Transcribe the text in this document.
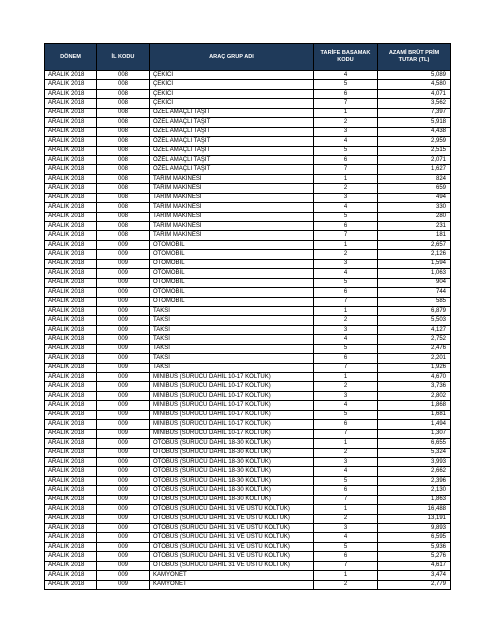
DÖNEM	İL KODU	ARAÇ GRUP ADI	TARİFE BASAMAK KODU	AZAMİ BRÜT PRİM TUTAR (TL)
ARALIK 2018	008	ÇEKİCİ	4	5,089
ARALIK 2018	008	ÇEKİCİ	5	4,580
ARALIK 2018	008	ÇEKİCİ	6	4,071
ARALIK 2018	008	ÇEKİCİ	7	3,562
ARALIK 2018	008	ÖZEL AMAÇLI TAŞIT	1	7,397
ARALIK 2018	008	ÖZEL AMAÇLI TAŞIT	2	5,918
ARALIK 2018	008	ÖZEL AMAÇLI TAŞIT	3	4,438
ARALIK 2018	008	ÖZEL AMAÇLI TAŞIT	4	2,959
ARALIK 2018	008	ÖZEL AMAÇLI TAŞIT	5	2,515
ARALIK 2018	008	ÖZEL AMAÇLI TAŞIT	6	2,071
ARALIK 2018	008	ÖZEL AMAÇLI TAŞIT	7	1,627
ARALIK 2018	008	TARIM MAKİNESİ	1	824
ARALIK 2018	008	TARIM MAKİNESİ	2	659
ARALIK 2018	008	TARIM MAKİNESİ	3	494
ARALIK 2018	008	TARIM MAKİNESİ	4	330
ARALIK 2018	008	TARIM MAKİNESİ	5	280
ARALIK 2018	008	TARIM MAKİNESİ	6	231
ARALIK 2018	008	TARIM MAKİNESİ	7	181
ARALIK 2018	009	OTOMOBİL	1	2,657
ARALIK 2018	009	OTOMOBİL	2	2,126
ARALIK 2018	009	OTOMOBİL	3	1,594
ARALIK 2018	009	OTOMOBİL	4	1,063
ARALIK 2018	009	OTOMOBİL	5	904
ARALIK 2018	009	OTOMOBİL	6	744
ARALIK 2018	009	OTOMOBİL	7	585
ARALIK 2018	009	TAKSİ	1	6,879
ARALIK 2018	009	TAKSİ	2	5,503
ARALIK 2018	009	TAKSİ	3	4,127
ARALIK 2018	009	TAKSİ	4	2,752
ARALIK 2018	009	TAKSİ	5	2,476
ARALIK 2018	009	TAKSİ	6	2,201
ARALIK 2018	009	TAKSİ	7	1,926
ARALIK 2018	009	MİNİBÜS (SÜRÜCÜ DAHİL 10-17 KOLTUK)	1	4,670
ARALIK 2018	009	MİNİBÜS (SÜRÜCÜ DAHİL 10-17 KOLTUK)	2	3,736
ARALIK 2018	009	MİNİBÜS (SÜRÜCÜ DAHİL 10-17 KOLTUK)	3	2,802
ARALIK 2018	009	MİNİBÜS (SÜRÜCÜ DAHİL 10-17 KOLTUK)	4	1,868
ARALIK 2018	009	MİNİBÜS (SÜRÜCÜ DAHİL 10-17 KOLTUK)	5	1,681
ARALIK 2018	009	MİNİBÜS (SÜRÜCÜ DAHİL 10-17 KOLTUK)	6	1,494
ARALIK 2018	009	MİNİBÜS (SÜRÜCÜ DAHİL 10-17 KOLTUK)	7	1,307
ARALIK 2018	009	OTOBÜS (SÜRÜCÜ DAHİL 18-30 KOLTUK)	1	6,655
ARALIK 2018	009	OTOBÜS (SÜRÜCÜ DAHİL 18-30 KOLTUK)	2	5,324
ARALIK 2018	009	OTOBÜS (SÜRÜCÜ DAHİL 18-30 KOLTUK)	3	3,993
ARALIK 2018	009	OTOBÜS (SÜRÜCÜ DAHİL 18-30 KOLTUK)	4	2,662
ARALIK 2018	009	OTOBÜS (SÜRÜCÜ DAHİL 18-30 KOLTUK)	5	2,396
ARALIK 2018	009	OTOBÜS (SÜRÜCÜ DAHİL 18-30 KOLTUK)	6	2,130
ARALIK 2018	009	OTOBÜS (SÜRÜCÜ DAHİL 18-30 KOLTUK)	7	1,863
ARALIK 2018	009	OTOBÜS (SÜRÜCÜ DAHİL 31 VE ÜSTÜ KOLTUK)	1	16,488
ARALIK 2018	009	OTOBÜS (SÜRÜCÜ DAHİL 31 VE ÜSTÜ KOLTUK)	2	13,191
ARALIK 2018	009	OTOBÜS (SÜRÜCÜ DAHİL 31 VE ÜSTÜ KOLTUK)	3	9,893
ARALIK 2018	009	OTOBÜS (SÜRÜCÜ DAHİL 31 VE ÜSTÜ KOLTUK)	4	6,595
ARALIK 2018	009	OTOBÜS (SÜRÜCÜ DAHİL 31 VE ÜSTÜ KOLTUK)	5	5,936
ARALIK 2018	009	OTOBÜS (SÜRÜCÜ DAHİL 31 VE ÜSTÜ KOLTUK)	6	5,276
ARALIK 2018	009	OTOBÜS (SÜRÜCÜ DAHİL 31 VE ÜSTÜ KOLTUK)	7	4,617
ARALIK 2018	009	KAMYONET	1	3,474
ARALIK 2018	009	KAMYONET	2	2,779
